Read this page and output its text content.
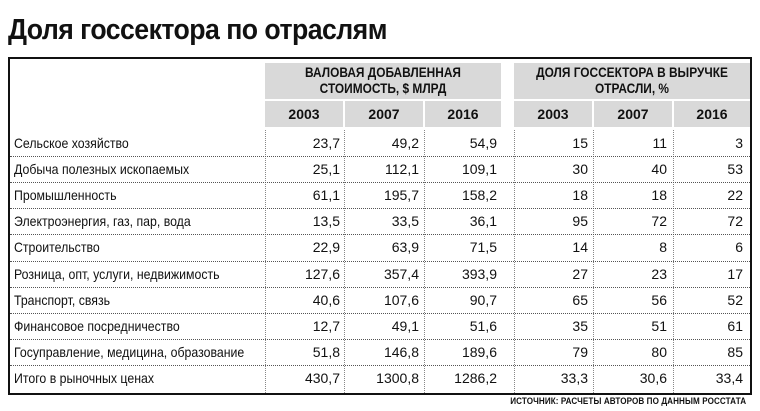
Доля госсектора по отраслям
ВАЛОВАЯ ДОБАВЛЕННАЯ СТОИМОСТЬ, $ МЛРД
ДОЛЯ ГОССЕКТОРА В ВЫРУЧКЕ ОТРАСЛИ, %
2003	2007	2016	2003	2007	2016
Сельское хозяйство	23,7	49,2	54,9	15	11	3
Добыча полезных ископаемых	25,1	112,1	109,1	30	40	53
Промышленность	61,1	195,7	158,2	18	18	22
Электроэнергия, газ, пар, вода	13,5	33,5	36,1	95	72	72
Строительство	22,9	63,9	71,5	14	8	6
Розница, опт, услуги, недвижимость	127,6	357,4	393,9	27	23	17
Транспорт, связь	40,6	107,6	90,7	65	56	52
Финансовое посредничество	12,7	49,1	51,6	35	51	61
Госуправление, медицина, образование	51,8	146,8	189,6	79	80	85
Итого в рыночных ценах	430,7	1300,8	1286,2	33,3	30,6	33,4
ИСТОЧНИК: РАСЧЕТЫ АВТОРОВ ПО ДАННЫМ РОССТАТА
